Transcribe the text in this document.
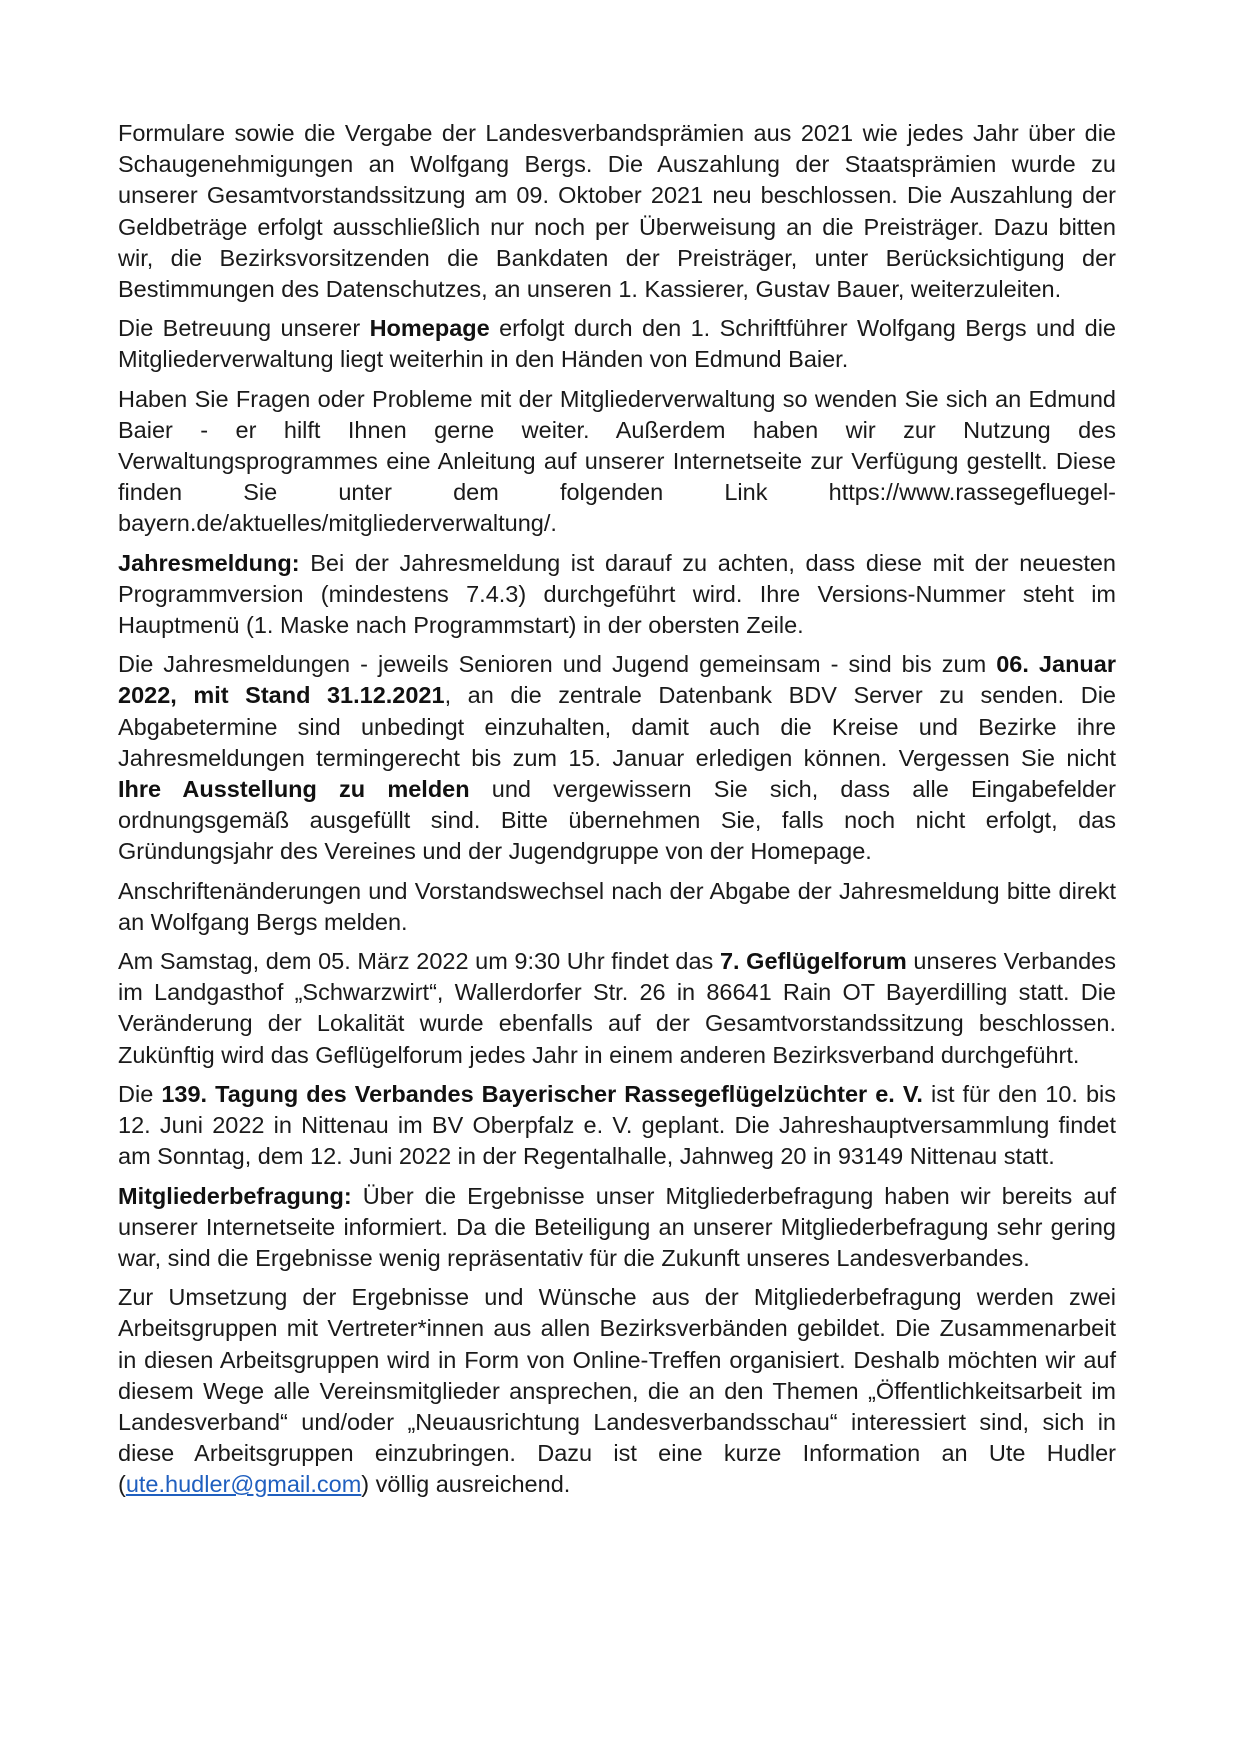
Formulare sowie die Vergabe der Landesverbandsprämien aus 2021 wie jedes Jahr über die Schaugenehmigungen an Wolfgang Bergs. Die Auszahlung der Staatsprämien wurde zu unserer Gesamtvorstandssitzung am 09. Oktober 2021 neu beschlossen. Die Auszahlung der Geldbeträge erfolgt ausschließlich nur noch per Überweisung an die Preisträger. Dazu bitten wir, die Bezirksvorsitzenden die Bankdaten der Preisträger, unter Berücksichtigung der Bestimmungen des Datenschutzes, an unseren 1. Kassierer, Gustav Bauer, weiterzuleiten.

Die Betreuung unserer Homepage erfolgt durch den 1. Schriftführer Wolfgang Bergs und die Mitgliederverwaltung liegt weiterhin in den Händen von Edmund Baier.

Haben Sie Fragen oder Probleme mit der Mitgliederverwaltung so wenden Sie sich an Edmund Baier - er hilft Ihnen gerne weiter. Außerdem haben wir zur Nutzung des Verwaltungsprogrammes eine Anleitung auf unserer Internetseite zur Verfügung gestellt. Diese finden Sie unter dem folgenden Link https://www.rassegefluegel-bayern.de/aktuelles/mitgliederverwaltung/.

Jahresmeldung: Bei der Jahresmeldung ist darauf zu achten, dass diese mit der neuesten Programmversion (mindestens 7.4.3) durchgeführt wird. Ihre Versions-Nummer steht im Hauptmenü (1. Maske nach Programmstart) in der obersten Zeile.

Die Jahresmeldungen - jeweils Senioren und Jugend gemeinsam - sind bis zum 06. Januar 2022, mit Stand 31.12.2021, an die zentrale Datenbank BDV Server zu senden. Die Abgabetermine sind unbedingt einzuhalten, damit auch die Kreise und Bezirke ihre Jahresmeldungen termingerecht bis zum 15. Januar erledigen können. Vergessen Sie nicht Ihre Ausstellung zu melden und vergewissern Sie sich, dass alle Eingabefelder ordnungsgemäß ausgefüllt sind. Bitte übernehmen Sie, falls noch nicht erfolgt, das Gründungsjahr des Vereines und der Jugendgruppe von der Homepage.

Anschriftenänderungen und Vorstandswechsel nach der Abgabe der Jahresmeldung bitte direkt an Wolfgang Bergs melden.

Am Samstag, dem 05. März 2022 um 9:30 Uhr findet das 7. Geflügelforum unseres Verbandes im Landgasthof „Schwarzwirt“, Wallerdorfer Str. 26 in 86641 Rain OT Bayerdilling statt. Die Veränderung der Lokalität wurde ebenfalls auf der Gesamtvorstandssitzung beschlossen. Zukünftig wird das Geflügelforum jedes Jahr in einem anderen Bezirksverband durchgeführt.

Die 139. Tagung des Verbandes Bayerischer Rassegeflügelzüchter e. V. ist für den 10. bis 12. Juni 2022 in Nittenau im BV Oberpfalz e. V. geplant. Die Jahreshauptversammlung findet am Sonntag, dem 12. Juni 2022 in der Regentalhalle, Jahnweg 20 in 93149 Nittenau statt.

Mitgliederbefragung: Über die Ergebnisse unser Mitgliederbefragung haben wir bereits auf unserer Internetseite informiert. Da die Beteiligung an unserer Mitgliederbefragung sehr gering war, sind die Ergebnisse wenig repräsentativ für die Zukunft unseres Landesverbandes.

Zur Umsetzung der Ergebnisse und Wünsche aus der Mitgliederbefragung werden zwei Arbeitsgruppen mit Vertreter*innen aus allen Bezirksverbänden gebildet. Die Zusammenarbeit in diesen Arbeitsgruppen wird in Form von Online-Treffen organisiert. Deshalb möchten wir auf diesem Wege alle Vereinsmitglieder ansprechen, die an den Themen „Öffentlichkeitsarbeit im Landesverband“ und/oder „Neuausrichtung Landesverbandsschau“ interessiert sind, sich in diese Arbeitsgruppen einzubringen. Dazu ist eine kurze Information an Ute Hudler (ute.hudler@gmail.com) völlig ausreichend.
